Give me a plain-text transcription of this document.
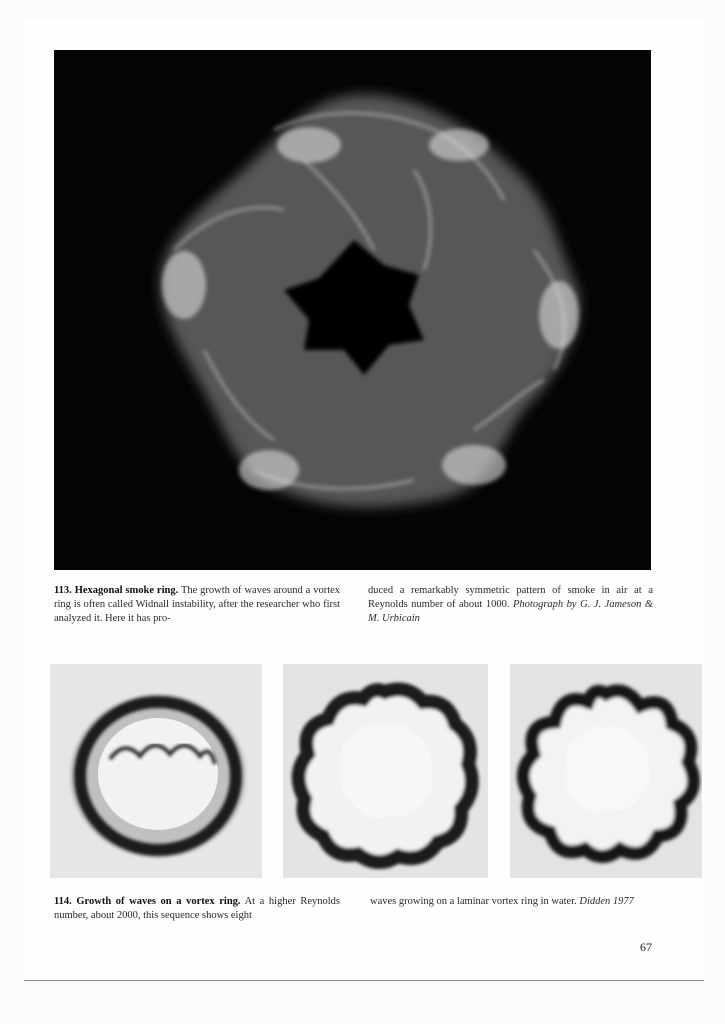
113. Hexagonal smoke ring. The growth of waves around a vortex ring is often called Widnall instability, after the researcher who first analyzed it. Here it has pro-
duced a remarkably symmetric pattern of smoke in air at a Reynolds number of about 1000. Photograph by G. J. Jameson & M. Urbicain
114. Growth of waves on a vortex ring. At a higher Reynolds number, about 2000, this sequence shows eight
waves growing on a laminar vortex ring in water. Didden 1977
67
